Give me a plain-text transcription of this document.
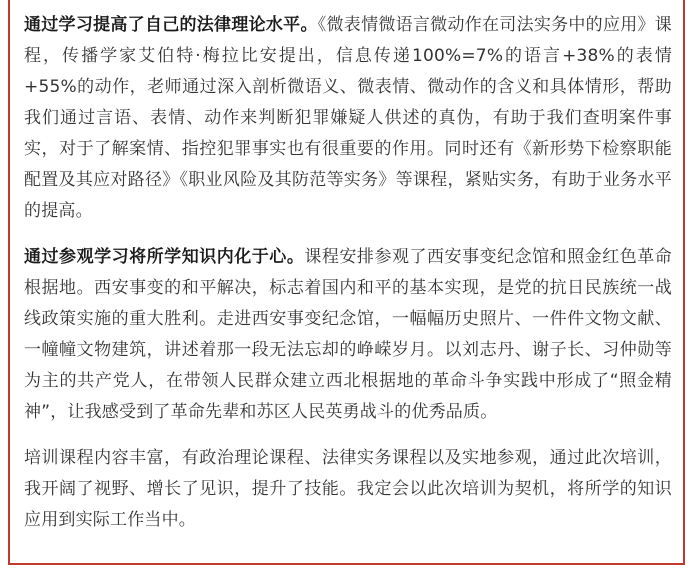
通过学习提高了自己的法律理论水平。《微表情微语言微动作在司法实务中的应用》课程，传播学家艾伯特·梅拉比安提出，信息传递100%=7%的语言+38%的表情+55%的动作，老师通过深入剖析微语义、微表情、微动作的含义和具体情形，帮助我们通过言语、表情、动作来判断犯罪嫌疑人供述的真伪，有助于我们查明案件事实，对于了解案情、指控犯罪事实也有很重要的作用。同时还有《新形势下检察职能配置及其应对路径》《职业风险及其防范等实务》等课程，紧贴实务，有助于业务水平的提高。

通过参观学习将所学知识内化于心。课程安排参观了西安事变纪念馆和照金红色革命根据地。西安事变的和平解决，标志着国内和平的基本实现，是党的抗日民族统一战线政策实施的重大胜利。走进西安事变纪念馆，一幅幅历史照片、一件件文物文献、一幢幢文物建筑，讲述着那一段无法忘却的峥嵘岁月。以刘志丹、谢子长、习仲勋等为主的共产党人，在带领人民群众建立西北根据地的革命斗争实践中形成了“照金精神”，让我感受到了革命先辈和苏区人民英勇战斗的优秀品质。

培训课程内容丰富，有政治理论课程、法律实务课程以及实地参观，通过此次培训，我开阔了视野、增长了见识，提升了技能。我定会以此次培训为契机，将所学的知识应用到实际工作当中。
